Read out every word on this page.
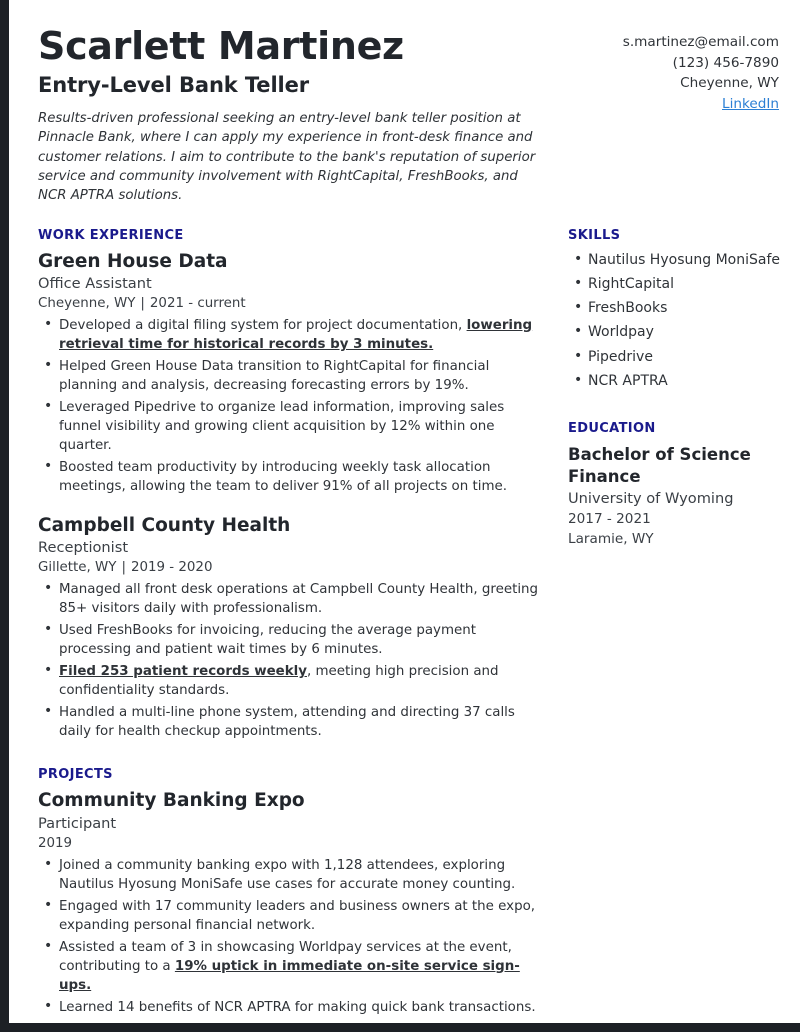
Scarlett Martinez
Entry-Level Bank Teller

Results-driven professional seeking an entry-level bank teller position at Pinnacle Bank, where I can apply my experience in front-desk finance and customer relations. I aim to contribute to the bank's reputation of superior service and community involvement with RightCapital, FreshBooks, and NCR APTRA solutions.

s.martinez@email.com
(123) 456-7890
Cheyenne, WY
LinkedIn
WORK EXPERIENCE

Green House Data

Office Assistant

Cheyenne, WY | 2021 - current

• Developed a digital filing system for project documentation, lowering retrieval time for historical records by 3 minutes.
• Helped Green House Data transition to RightCapital for financial planning and analysis, decreasing forecasting errors by 19%.
• Leveraged Pipedrive to organize lead information, improving sales funnel visibility and growing client acquisition by 12% within one quarter.
• Boosted team productivity by introducing weekly task allocation meetings, allowing the team to deliver 91% of all projects on time.

Campbell County Health

Receptionist

Gillette, WY | 2019 - 2020

• Managed all front desk operations at Campbell County Health, greeting 85+ visitors daily with professionalism.
• Used FreshBooks for invoicing, reducing the average payment processing and patient wait times by 6 minutes.
• Filed 253 patient records weekly, meeting high precision and confidentiality standards.
• Handled a multi-line phone system, attending and directing 37 calls daily for health checkup appointments.
PROJECTS

Community Banking Expo

Participant

2019

• Joined a community banking expo with 1,128 attendees, exploring Nautilus Hyosung MoniSafe use cases for accurate money counting.
• Engaged with 17 community leaders and business owners at the expo, expanding personal financial network.
• Assisted a team of 3 in showcasing Worldpay services at the event, contributing to a 19% uptick in immediate on-site service sign-ups.
• Learned 14 benefits of NCR APTRA for making quick bank transactions.
SKILLS
• Nautilus Hyosung MoniSafe
• RightCapital
• FreshBooks
• Worldpay
• Pipedrive
• NCR APTRA
EDUCATION

Bachelor of Science

Finance

University of Wyoming

2017 - 2021

Laramie, WY
